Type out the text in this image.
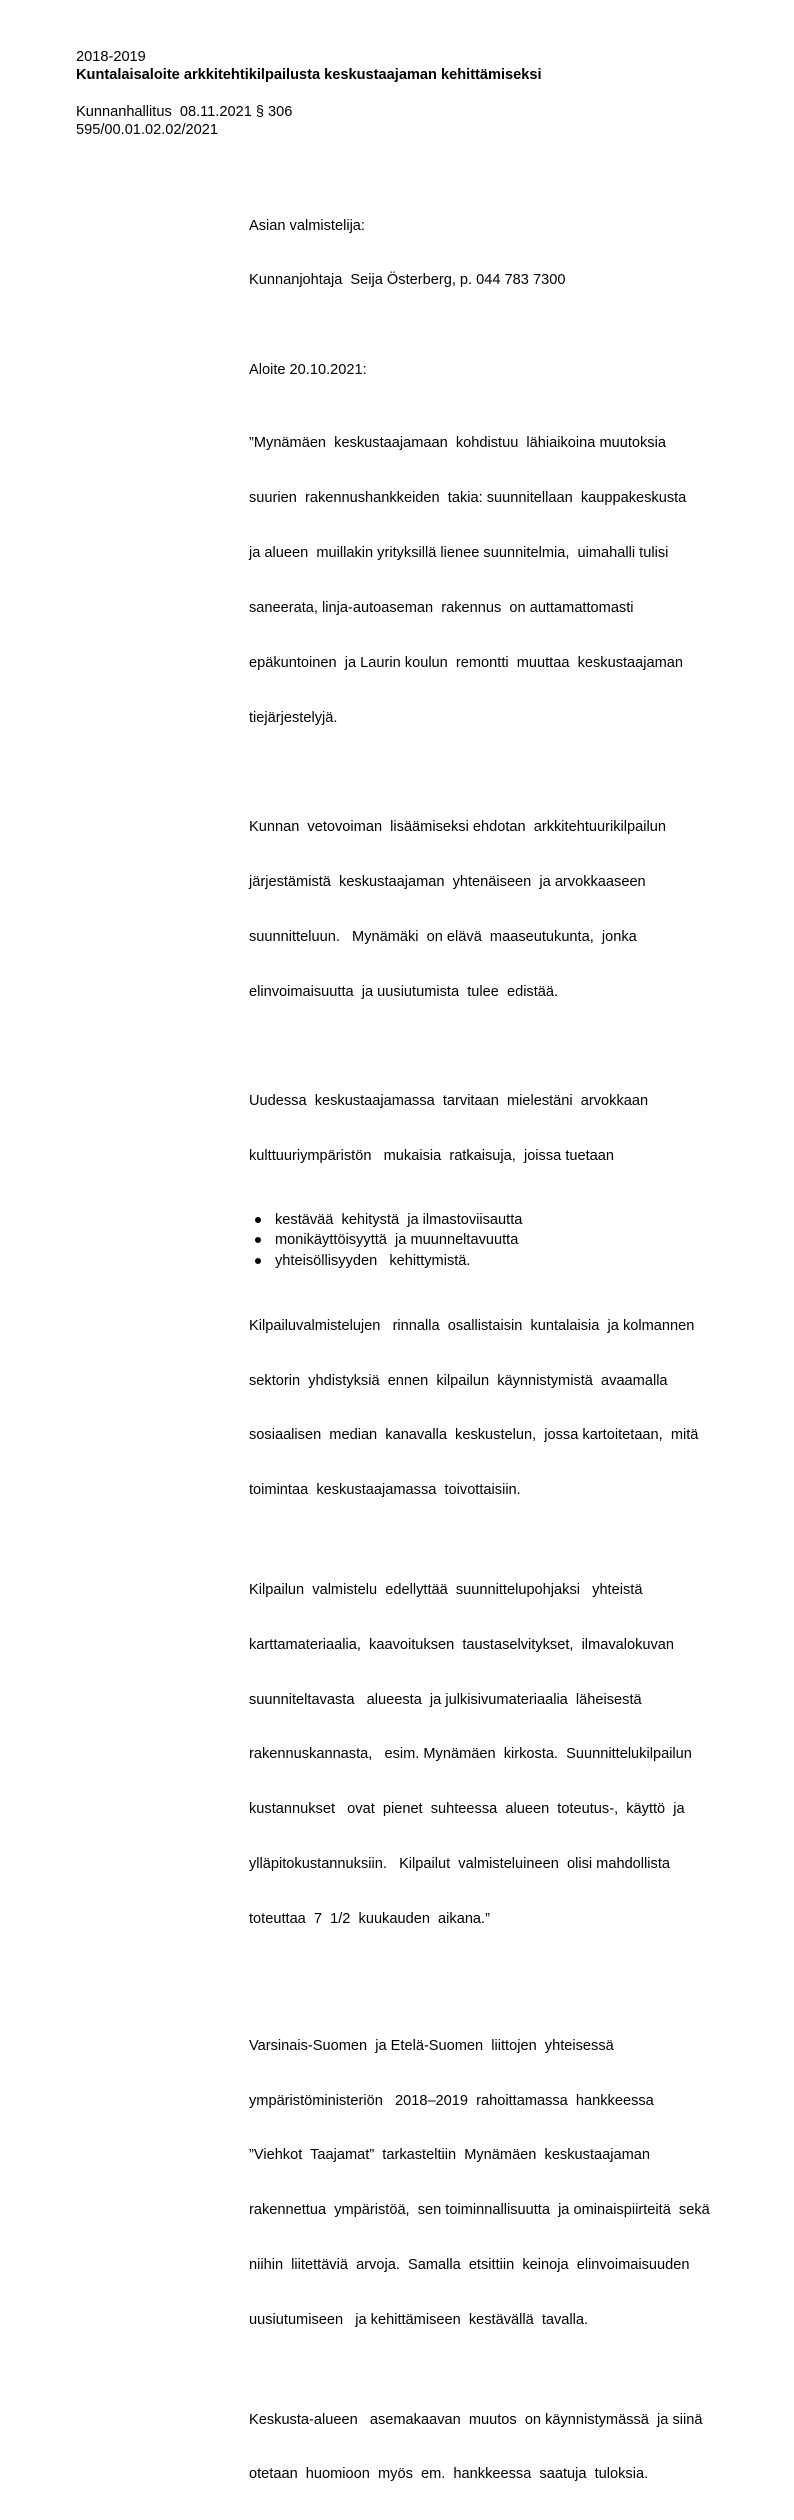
2018-2019
Kuntalaisaloite arkkitehtikilpailusta keskustaajaman kehittämiseksi
Kunnanhallitus  08.11.2021 § 306
595/00.01.02.02/2021

Asian valmistelija:

Kunnanjohtaja  Seija Österberg, p. 044 783 7300

Aloite 20.10.2021:

”Mynämäen  keskustaajamaan  kohdistuu  lähiaikoina muutoksia

suurien  rakennushankkeiden  takia: suunnitellaan  kauppakeskusta

ja alueen  muillakin yrityksillä lienee suunnitelmia,  uimahalli tulisi

saneerata, linja-autoaseman  rakennus  on auttamattomasti

epäkuntoinen  ja Laurin koulun  remontti  muuttaa  keskustaajaman

tiejärjestelyjä.

Kunnan  vetovoiman  lisäämiseksi ehdotan  arkkitehtuurikilpailun

järjestämistä  keskustaajaman  yhtenäiseen  ja arvokkaaseen

suunnitteluun.   Mynämäki  on elävä  maaseutukunta,  jonka

elinvoimaisuutta  ja uusiutumista  tulee  edistää.

Uudessa  keskustaajamassa  tarvitaan  mielestäni  arvokkaan

kulttuuriympäristön   mukaisia  ratkaisuja,  joissa tuetaan

kestävää  kehitystä  ja ilmastoviisautta
monikäyttöisyyttä  ja muunneltavuutta
yhteisöllisyyden   kehittymistä.

Kilpailuvalmistelujen   rinnalla  osallistaisin  kuntalaisia  ja kolmannen

sektorin  yhdistyksiä  ennen  kilpailun  käynnistymistä  avaamalla

sosiaalisen  median  kanavalla  keskustelun,  jossa kartoitetaan,  mitä

toimintaa  keskustaajamassa  toivottaisiin.

Kilpailun  valmistelu  edellyttää  suunnittelupohjaksi   yhteistä

karttamateriaalia,  kaavoituksen  taustaselvitykset,  ilmavalokuvan

suunniteltavasta   alueesta  ja julkisivumateriaalia  läheisestä

rakennuskannasta,   esim. Mynämäen  kirkosta.  Suunnittelukilpailun

kustannukset   ovat  pienet  suhteessa  alueen  toteutus-,  käyttö  ja

ylläpitokustannuksiin.   Kilpailut  valmisteluineen  olisi mahdollista

toteuttaa  7  1/2  kuukauden  aikana.”

Varsinais-Suomen  ja Etelä-Suomen  liittojen  yhteisessä

ympäristöministeriön   2018–2019  rahoittamassa  hankkeessa

”Viehkot  Taajamat”  tarkasteltiin  Mynämäen  keskustaajaman

rakennettua  ympäristöä,  sen toiminnallisuutta  ja ominaispiirteitä  sekä

niihin  liitettäviä  arvoja.  Samalla  etsittiin  keinoja  elinvoimaisuuden

uusiutumiseen   ja kehittämiseen  kestävällä  tavalla.

Keskusta-alueen   asemakaavan  muutos  on käynnistymässä  ja siinä

otetaan  huomioon  myös  em.  hankkeessa  saatuja  tuloksia.
